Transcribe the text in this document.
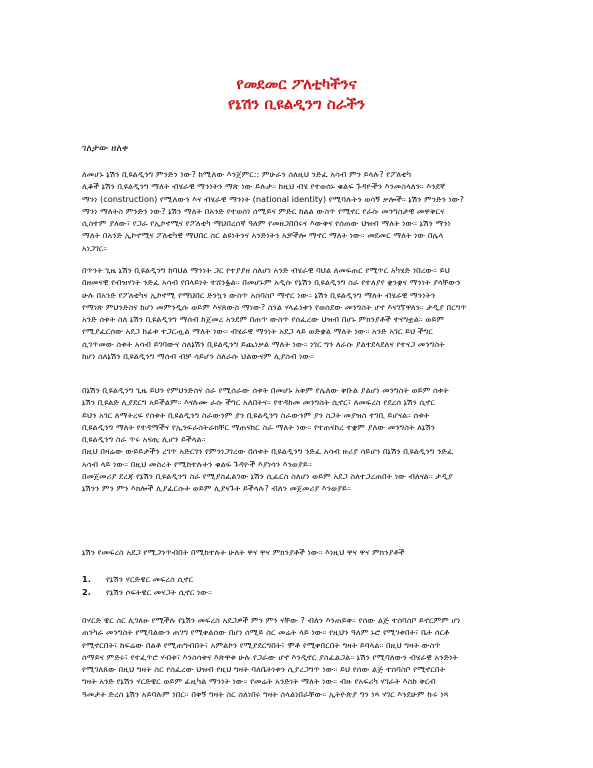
የመደመር ፖለቲካችንና
የኔሽን ቢዩልዲንግ ስራችን
ገለታው ዘለቀ
ለመሆኑ ኔሽን ቢዩልዲንግ ምንድን ነው? ከሚለው እንጀምር:: ምሁራን ስለዚህ ንድፈ አሳብ ምን ይላሉ? የፖለቲካ
ሊቆች ኔሽን ቢዩልዲንግ ማለት ብሄራዊ ማንነትን ማጽ ነው ይሉታ። ከዚህ ብሄ የተወሰኑ ቁልፍ ጉዳዮችን እንመስላለን። እንደኛ
ማንነ (construction) የሚለውን እና ብሄራዊ ማንነት (national identity) የሚባሉትን ወሳኝ ቃሎች። ኔሽን ምንድን ነው?
ማንነ ማለትስ ምንድን ነው? ኔሽን ማለት በአንድ የተወሰነ ሰሚይና ምድር ከልል ውስጥ የሚኖር የራሱ መንግስታዊ መዋቅርና
ሲስተም ያለው፣ የጋራ የኢኮኖሚና የፖለቲካ ማህበረሰኛ ዓለም የመዘጋበበሩና እውቅና የሰጠው ህዝብ ማለት ነው። ኔሽን ማንነ
ማለት በአንድ ኢኮኖሚና ፖለቲካዊ ማህበር ስር ልዩነትንና አንድነትን አቻችሎ ማኖር ማለት ነው። መደመር ማለት ነው በሌላ
አነጋገር።
በጥንት ጊዜ ኔሽን ቢዩልዲንግ ከባህል ማንነት ጋር የተያያዘ ስለሆነ አንድ ብሄራዊ ባህል ለመፍጠር የሚጥር አካሄድ ነበረው። ይህ
በዘመናዊ የብዝሃነት ንድፈ አሳብ የበላይነት ተሸንፏል። በመሆኑም አዲሱ የኔሽን ቢዩልዲንግ ስራ የተለያየ ቋንቋና ማንነት ያላቸውን
ሁሉ በአንድ የፖለቲካና ኢኮኖሚ የማህበር ድንኳን ውስጥ አሰባስቦ ማኖር ነው። ኔሽን ቢዩልዲንግ ማለት ብሄራዊ ማንነትን
የማነጽ ምህንድስና ከሆነ መምንዲሱ ወይም እናጸውስ ማነው? ስንል ሃላፊነቱን የወሰደው መንግስት ሆኖ እናገኘዋለን። ታዲያ በርግጥ
አንድ ሰቱት ስለ ኔሽን ቢዩልዲንግ ማሰብ ከጀመረ አንደም በጠጥ ውስጥ የሰፈረው ህዝብ በሆኑ ምክንያቶች ተናግቷል። ወይም
የሚያፈርሰው አደጋ ከፊቱ ተጋርጧል ማለት ነው። ብሄራዊ ማንነት አደጋ ላይ ወድቋል ማለት ነው። አንድ አገር ይህ ችግር
ሲገጥመው ስቱት አሳብ ይገባውና ስለኔሽን ቢዩልዲንግ ይጨነቃል ማለት ነው። ነገር ግን ለራሱ ያልተደላደለና የተናጋ መንግስት
ከሆነ ስለኔሽን ቢዩልዲንግ ማሰብ ብቻ ሳይሆን ስለራሱ ህልውናም ሊያስብ ነው።
በኔሽን ቢዩልዲንግ ጊዜ ይህን የምህንድስና ስራ የሚሰራው ሰቱት በመሆኑ አቅም የሌለው ቅቡል ያልሆነ መንግስት ወይም ሰቱት
ኔሽን ቢዩልድ ሊያደርግ አይችልም። እናሉሙ ራሱ ችግር አለበትና። የተዳከመ መንግስት ሲኖር፣ ለመፍረስ የደረሰ ኔሽን ሲኖር
ይህን አገር ለማትረፍ የሰቱት ቢዩልዲንግ ስራውንም ያን ቢዩልዲንግ ስራውንም ያን ስጋት መያዝስ ተገቢ ይሆናል። ሰቱት
ቢዩልዲንግ ማለት የተዳማችና የኢንፍራስትራክቸር ማጠናከር ስራ ማለት ነው። የተጠናከረ ተቋም ያለው መንግስት ለኔሽን
ቢዩልዲንግ ስራ ጥሩ አናጢ ሊሆን ይችላል።
በዚህ በዛሬው ውይይታችን ረገጥ አድርገን የምንነጋገረው በሰቱት ቢዩልዲንግ ንድፈ አሳብ ዙሪያ ሳይሆን በኔሽን ቢዩልዲንግ ንድፈ
አሳብ ላይ ነው። በዚህ መስረት የሚከተሉትን ቁልፍ ጉዳዮች እያነሳን እንወያይ።
በመጀመሪያ ደረጃ የኔሽን ቢዩልዲንግ ስራ የሚያስፈልገው ኔሽን ሲፈርስ ስለሆነ ወይም አደጋ ስለተጋረጠበት ነው ብለናል። ታዲያ
ኔሽንን ምን ምን እክሎች ሊያፈርሱት ወይም ሊያናጉት ይችላሉ? ብለን መጀመሪያ እንወያይ።
ኔሽን የመፍረስ አደጋ የሚጋንጥብበት በሚከተሉት ሁለት ዋና ዋና ምክንያቶች ነው። እነዚህ ዋና ዋና ምክንያቶች
1. የኔሽን ሃርድዌር መፍረስ ሲኖር
2. የኔሽን ሶፍትዌር መናጋት ሲኖር ነው።
በሃርድ ዌር ስር ሊገለፁ የሚችሉ የኔሽን መፍረስ አደጋዎች ምን ምን ናቸው ? ብለን እንጠይቅ። የሰው ልጅ ተሰባስቦ ይኖርምም ሆነ
ጠንካራ መንግስት የሚባልውን ጠገግ የሚቀልሰው በሆነ ሰሚይ ስር መሬት ላይ ነው። የዚህን ዓለም ኑሮ የሚገቱበት፣ ቤት ሰርቶ
የሚኖርበት፣ ከፍሬው በልቶ የሚጠግብበት፣ አምልኮን የሚያደርግበት፣ ሞቶ የሚቀበርበት ግዛት ይባላል። በዚህ ግዛት ውስጥ
ሰማይና ምድሩ፣ የተፈጥሮ ሃብቱ፣ እንስሳቱና እጽዋቱ ሁሉ የጋራው ሆኖ እንዲኖር ያስፈልጋል። ኔሽን የሚባለውን ብሄራዊ አንድነት
የሚገለጸው በዚህ ግዛት ስር የሰፈረው ህዝብ የዚህ ግዛት ባለቤትነቱን ሲያረጋግጥ ነው። ይህ የሰው ልጅ ተሰባስቦ የሚኖርበት
ግዛት አንድ የኔሽን ሃርድዌር ወይም ፊዚካል ማንነት ነው። የመሬት አንድነት ማለት ነው። ብዙ የአፍሪካ ሃገራት እስከ ቅርብ
ዓመታት ድረስ ኔሽን አይባሉም ነበር። በቅኝ ግዛት ስር ስለነበሩ ግዛት ስላልነበራቸው። ኢትዮጵያ ግን ነጻ ሃገር እንደሁም ኩሩ ነጻ
